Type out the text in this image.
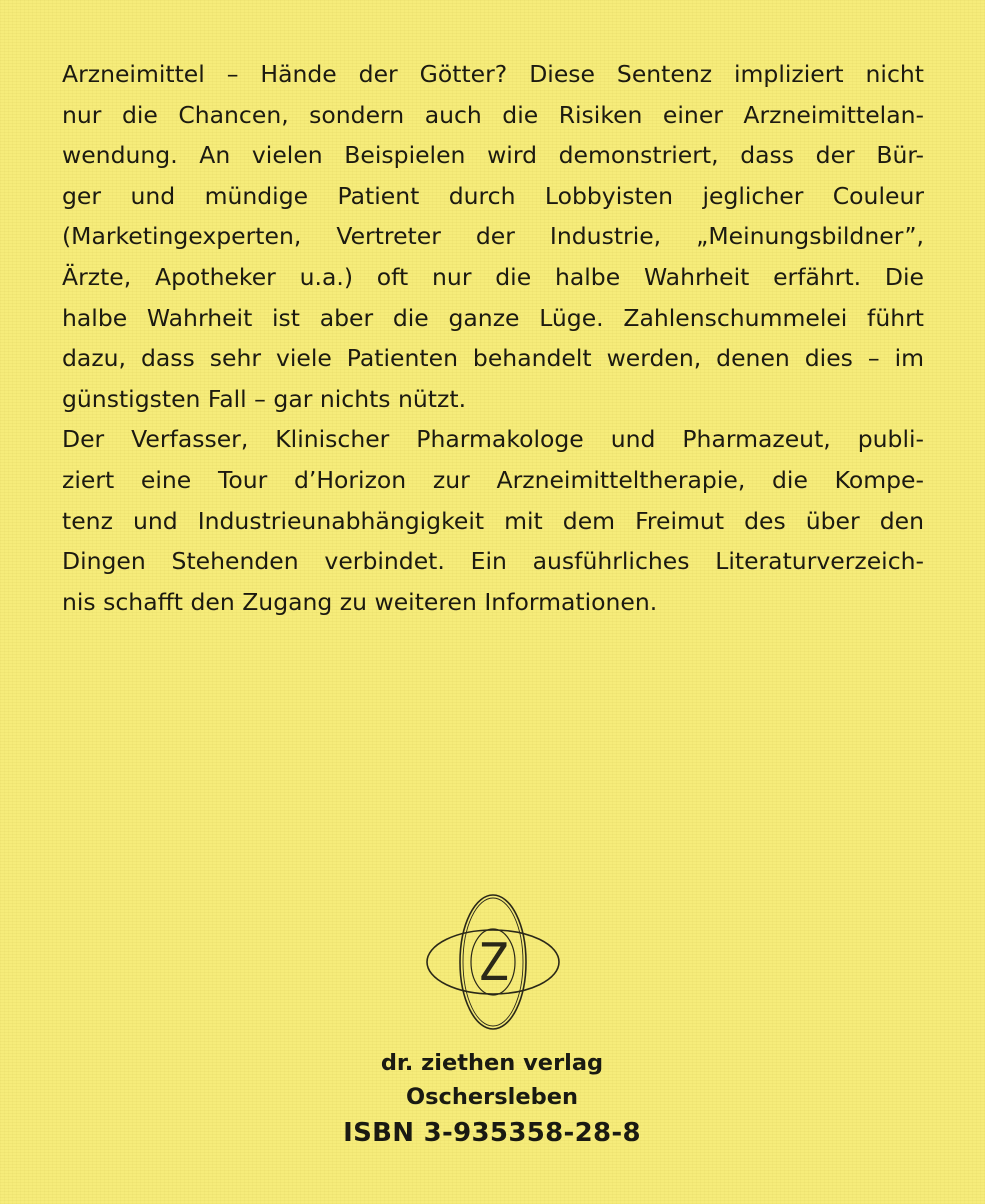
Arzneimittel – Hände der Götter? Diese Sentenz impliziert nicht
nur die Chancen, sondern auch die Risiken einer Arzneimittelan-
wendung. An vielen Beispielen wird demonstriert, dass der Bür-
ger und mündige Patient durch Lobbyisten jeglicher Couleur
(Marketingexperten, Vertreter der Industrie, „Meinungsbildner”,
Ärzte, Apotheker u.a.) oft nur die halbe Wahrheit erfährt. Die
halbe Wahrheit ist aber die ganze Lüge. Zahlenschummelei führt
dazu, dass sehr viele Patienten behandelt werden, denen dies – im
günstigsten Fall – gar nichts nützt.
Der Verfasser, Klinischer Pharmakologe und Pharmazeut, publi-
ziert eine Tour d’Horizon zur Arzneimitteltherapie, die Kompe-
tenz und Industrieunabhängigkeit mit dem Freimut des über den
Dingen Stehenden verbindet. Ein ausführliches Literaturverzeich-
nis schafft den Zugang zu weiteren Informationen.
Z
dr. ziethen verlag
Oschersleben
ISBN 3-935358-28-8
